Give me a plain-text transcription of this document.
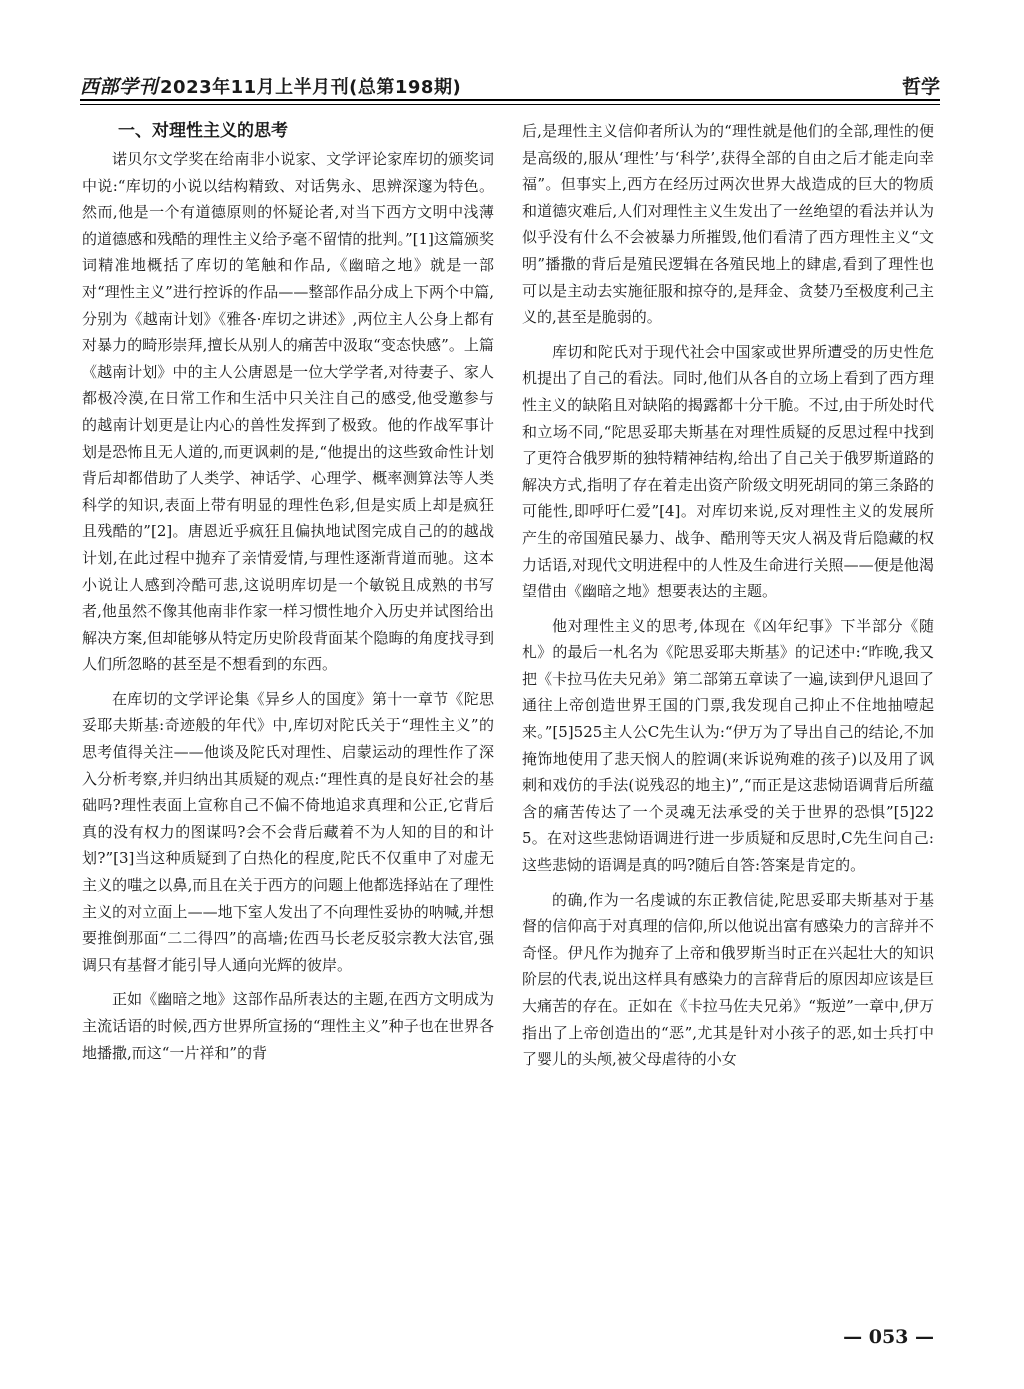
西部学刊 2023年11月上半月刊(总第198期)	哲学
一、对理性主义的思考

诺贝尔文学奖在给南非小说家、文学评论家库切的颁奖词中说:“库切的小说以结构精致、对话隽永、思辨深邃为特色。然而,他是一个有道德原则的怀疑论者,对当下西方文明中浅薄的道德感和残酷的理性主义给予毫不留情的批判。”[1]这篇颁奖词精准地概括了库切的笔触和作品,《幽暗之地》就是一部对“理性主义”进行控诉的作品——整部作品分成上下两个中篇,分别为《越南计划》《雅各·库切之讲述》,两位主人公身上都有对暴力的畸形崇拜,擅长从别人的痛苦中汲取“变态快感”。上篇《越南计划》中的主人公唐恩是一位大学学者,对待妻子、家人都极冷漠,在日常工作和生活中只关注自己的感受,他受邀参与的越南计划更是让内心的兽性发挥到了极致。他的作战军事计划是恐怖且无人道的,而更讽刺的是,“他提出的这些致命性计划背后却都借助了人类学、神话学、心理学、概率测算法等人类科学的知识,表面上带有明显的理性色彩,但是实质上却是疯狂且残酷的”[2]。唐恩近乎疯狂且偏执地试图完成自己的的越战计划,在此过程中抛弃了亲情爱情,与理性逐渐背道而驰。这本小说让人感到冷酷可悲,这说明库切是一个敏锐且成熟的书写者,他虽然不像其他南非作家一样习惯性地介入历史并试图给出解决方案,但却能够从特定历史阶段背面某个隐晦的角度找寻到人们所忽略的甚至是不想看到的东西。

在库切的文学评论集《异乡人的国度》第十一章节《陀思妥耶夫斯基:奇迹般的年代》中,库切对陀氏关于“理性主义”的思考值得关注——他谈及陀氏对理性、启蒙运动的理性作了深入分析考察,并归纳出其质疑的观点:“理性真的是良好社会的基础吗?理性表面上宣称自己不偏不倚地追求真理和公正,它背后真的没有权力的图谋吗?会不会背后藏着不为人知的目的和计划?”[3]当这种质疑到了白热化的程度,陀氏不仅重申了对虚无主义的嗤之以鼻,而且在关于西方的问题上他都选择站在了理性主义的对立面上——地下室人发出了不向理性妥协的呐喊,并想要推倒那面“二二得四”的高墙;佐西马长老反驳宗教大法官,强调只有基督才能引导人通向光辉的彼岸。

正如《幽暗之地》这部作品所表达的主题,在西方文明成为主流话语的时候,西方世界所宣扬的“理性主义”种子也在世界各地播撒,而这“一片祥和”的背

后,是理性主义信仰者所认为的“理性就是他们的全部,理性的便是高级的,服从‘理性’与‘科学’,获得全部的自由之后才能走向幸福”。但事实上,西方在经历过两次世界大战造成的巨大的物质和道德灾难后,人们对理性主义生发出了一丝绝望的看法并认为似乎没有什么不会被暴力所摧毁,他们看清了西方理性主义“文明”播撒的背后是殖民逻辑在各殖民地上的肆虐,看到了理性也可以是主动去实施征服和掠夺的,是拜金、贪婪乃至极度利己主义的,甚至是脆弱的。

库切和陀氏对于现代社会中国家或世界所遭受的历史性危机提出了自己的看法。同时,他们从各自的立场上看到了西方理性主义的缺陷且对缺陷的揭露都十分干脆。不过,由于所处时代和立场不同,“陀思妥耶夫斯基在对理性质疑的反思过程中找到了更符合俄罗斯的独特精神结构,给出了自己关于俄罗斯道路的解决方式,指明了存在着走出资产阶级文明死胡同的第三条路的可能性,即呼吁仁爱”[4]。对库切来说,反对理性主义的发展所产生的帝国殖民暴力、战争、酷刑等天灾人祸及背后隐藏的权力话语,对现代文明进程中的人性及生命进行关照——便是他渴望借由《幽暗之地》想要表达的主题。

他对理性主义的思考,体现在《凶年纪事》下半部分《随札》的最后一札名为《陀思妥耶夫斯基》的记述中:“昨晚,我又把《卡拉马佐夫兄弟》第二部第五章读了一遍,读到伊凡退回了通往上帝创造世界王国的门票,我发现自己抑止不住地抽噎起来。”[5]525主人公C先生认为:“伊万为了导出自己的结论,不加掩饰地使用了悲天悯人的腔调(来诉说殉难的孩子)以及用了讽刺和戏仿的手法(说残忍的地主)”,“而正是这悲恸语调背后所蕴含的痛苦传达了一个灵魂无法承受的关于世界的恐惧”[5]225。在对这些悲恸语调进行进一步质疑和反思时,C先生问自己:这些悲恸的语调是真的吗?随后自答:答案是肯定的。

的确,作为一名虔诚的东正教信徒,陀思妥耶夫斯基对于基督的信仰高于对真理的信仰,所以他说出富有感染力的言辞并不奇怪。伊凡作为抛弃了上帝和俄罗斯当时正在兴起壮大的知识阶层的代表,说出这样具有感染力的言辞背后的原因却应该是巨大痛苦的存在。正如在《卡拉马佐夫兄弟》“叛逆”一章中,伊万指出了上帝创造出的“恶”,尤其是针对小孩子的恶,如士兵打中了婴儿的头颅,被父母虐待的小女

— 053 —
